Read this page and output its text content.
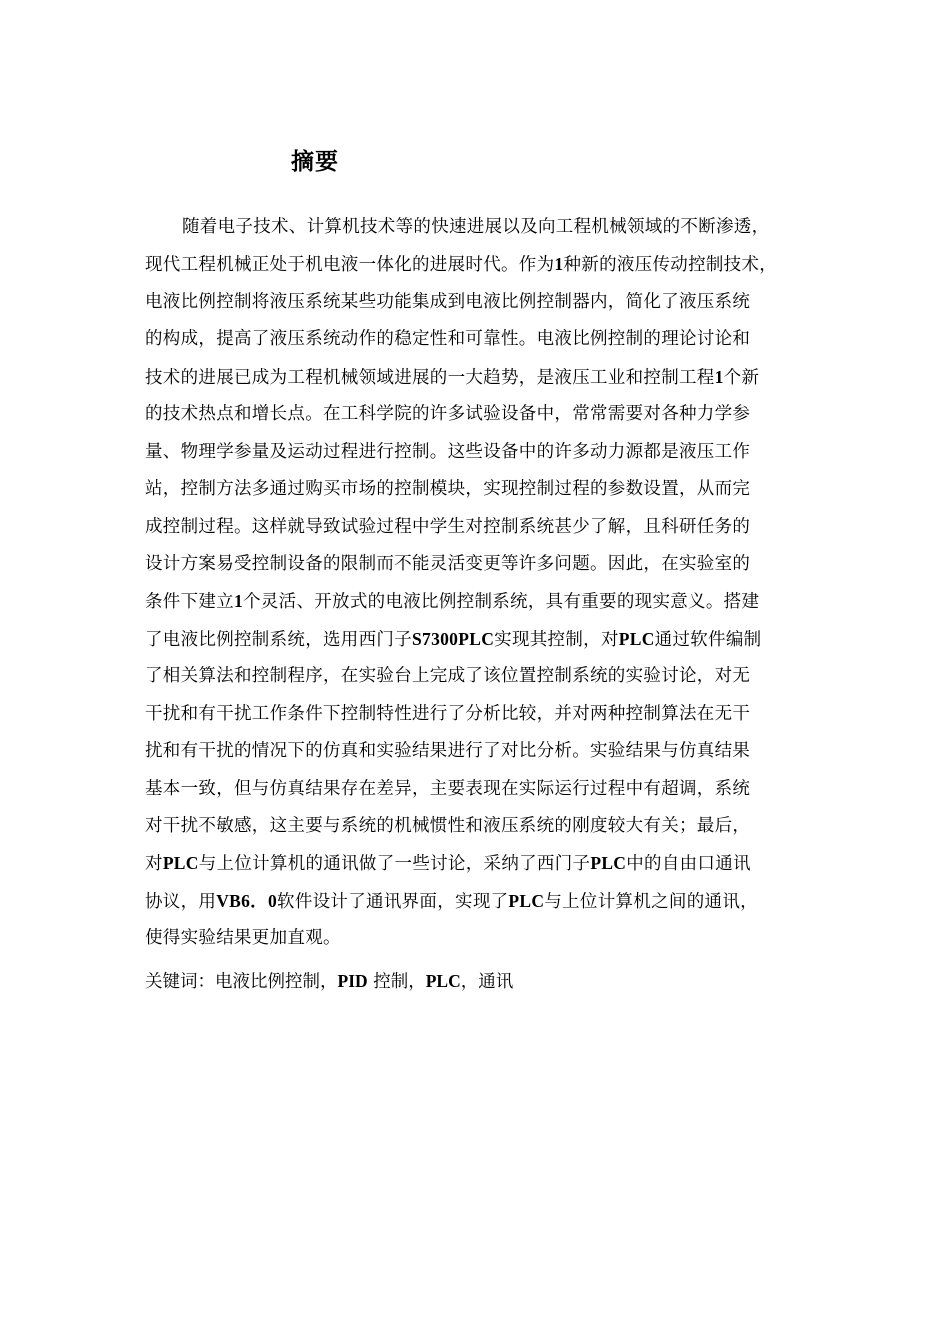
摘要
随着电子技术、计算机技术等的快速进展以及向工程机械领域的不断渗透，
现代工程机械正处于机电液一体化的进展时代。作为1种新的液压传动控制技术，
电液比例控制将液压系统某些功能集成到电液比例控制器内，简化了液压系统
的构成，提高了液压系统动作的稳定性和可靠性。电液比例控制的理论讨论和
技术的进展已成为工程机械领域进展的一大趋势，是液压工业和控制工程1个新
的技术热点和增长点。在工科学院的许多试验设备中，常常需要对各种力学参
量、物理学参量及运动过程进行控制。这些设备中的许多动力源都是液压工作
站，控制方法多通过购买市场的控制模块，实现控制过程的参数设置，从而完
成控制过程。这样就导致试验过程中学生对控制系统甚少了解，且科研任务的
设计方案易受控制设备的限制而不能灵活变更等许多问题。因此，在实验室的
条件下建立1个灵活、开放式的电液比例控制系统，具有重要的现实意义。搭建
了电液比例控制系统，选用西门子S7300PLC实现其控制，对PLC通过软件编制
了相关算法和控制程序，在实验台上完成了该位置控制系统的实验讨论，对无
干扰和有干扰工作条件下控制特性进行了分析比较，并对两种控制算法在无干
扰和有干扰的情况下的仿真和实验结果进行了对比分析。实验结果与仿真结果
基本一致，但与仿真结果存在差异，主要表现在实际运行过程中有超调，系统
对干扰不敏感，这主要与系统的机械惯性和液压系统的刚度较大有关；最后，
对PLC与上位计算机的通讯做了一些讨论，采纳了西门子PLC中的自由口通讯
协议，用VB6．0软件设计了通讯界面，实现了PLC与上位计算机之间的通讯，
使得实验结果更加直观。
关键词：电液比例控制，PID 控制，PLC，通讯
